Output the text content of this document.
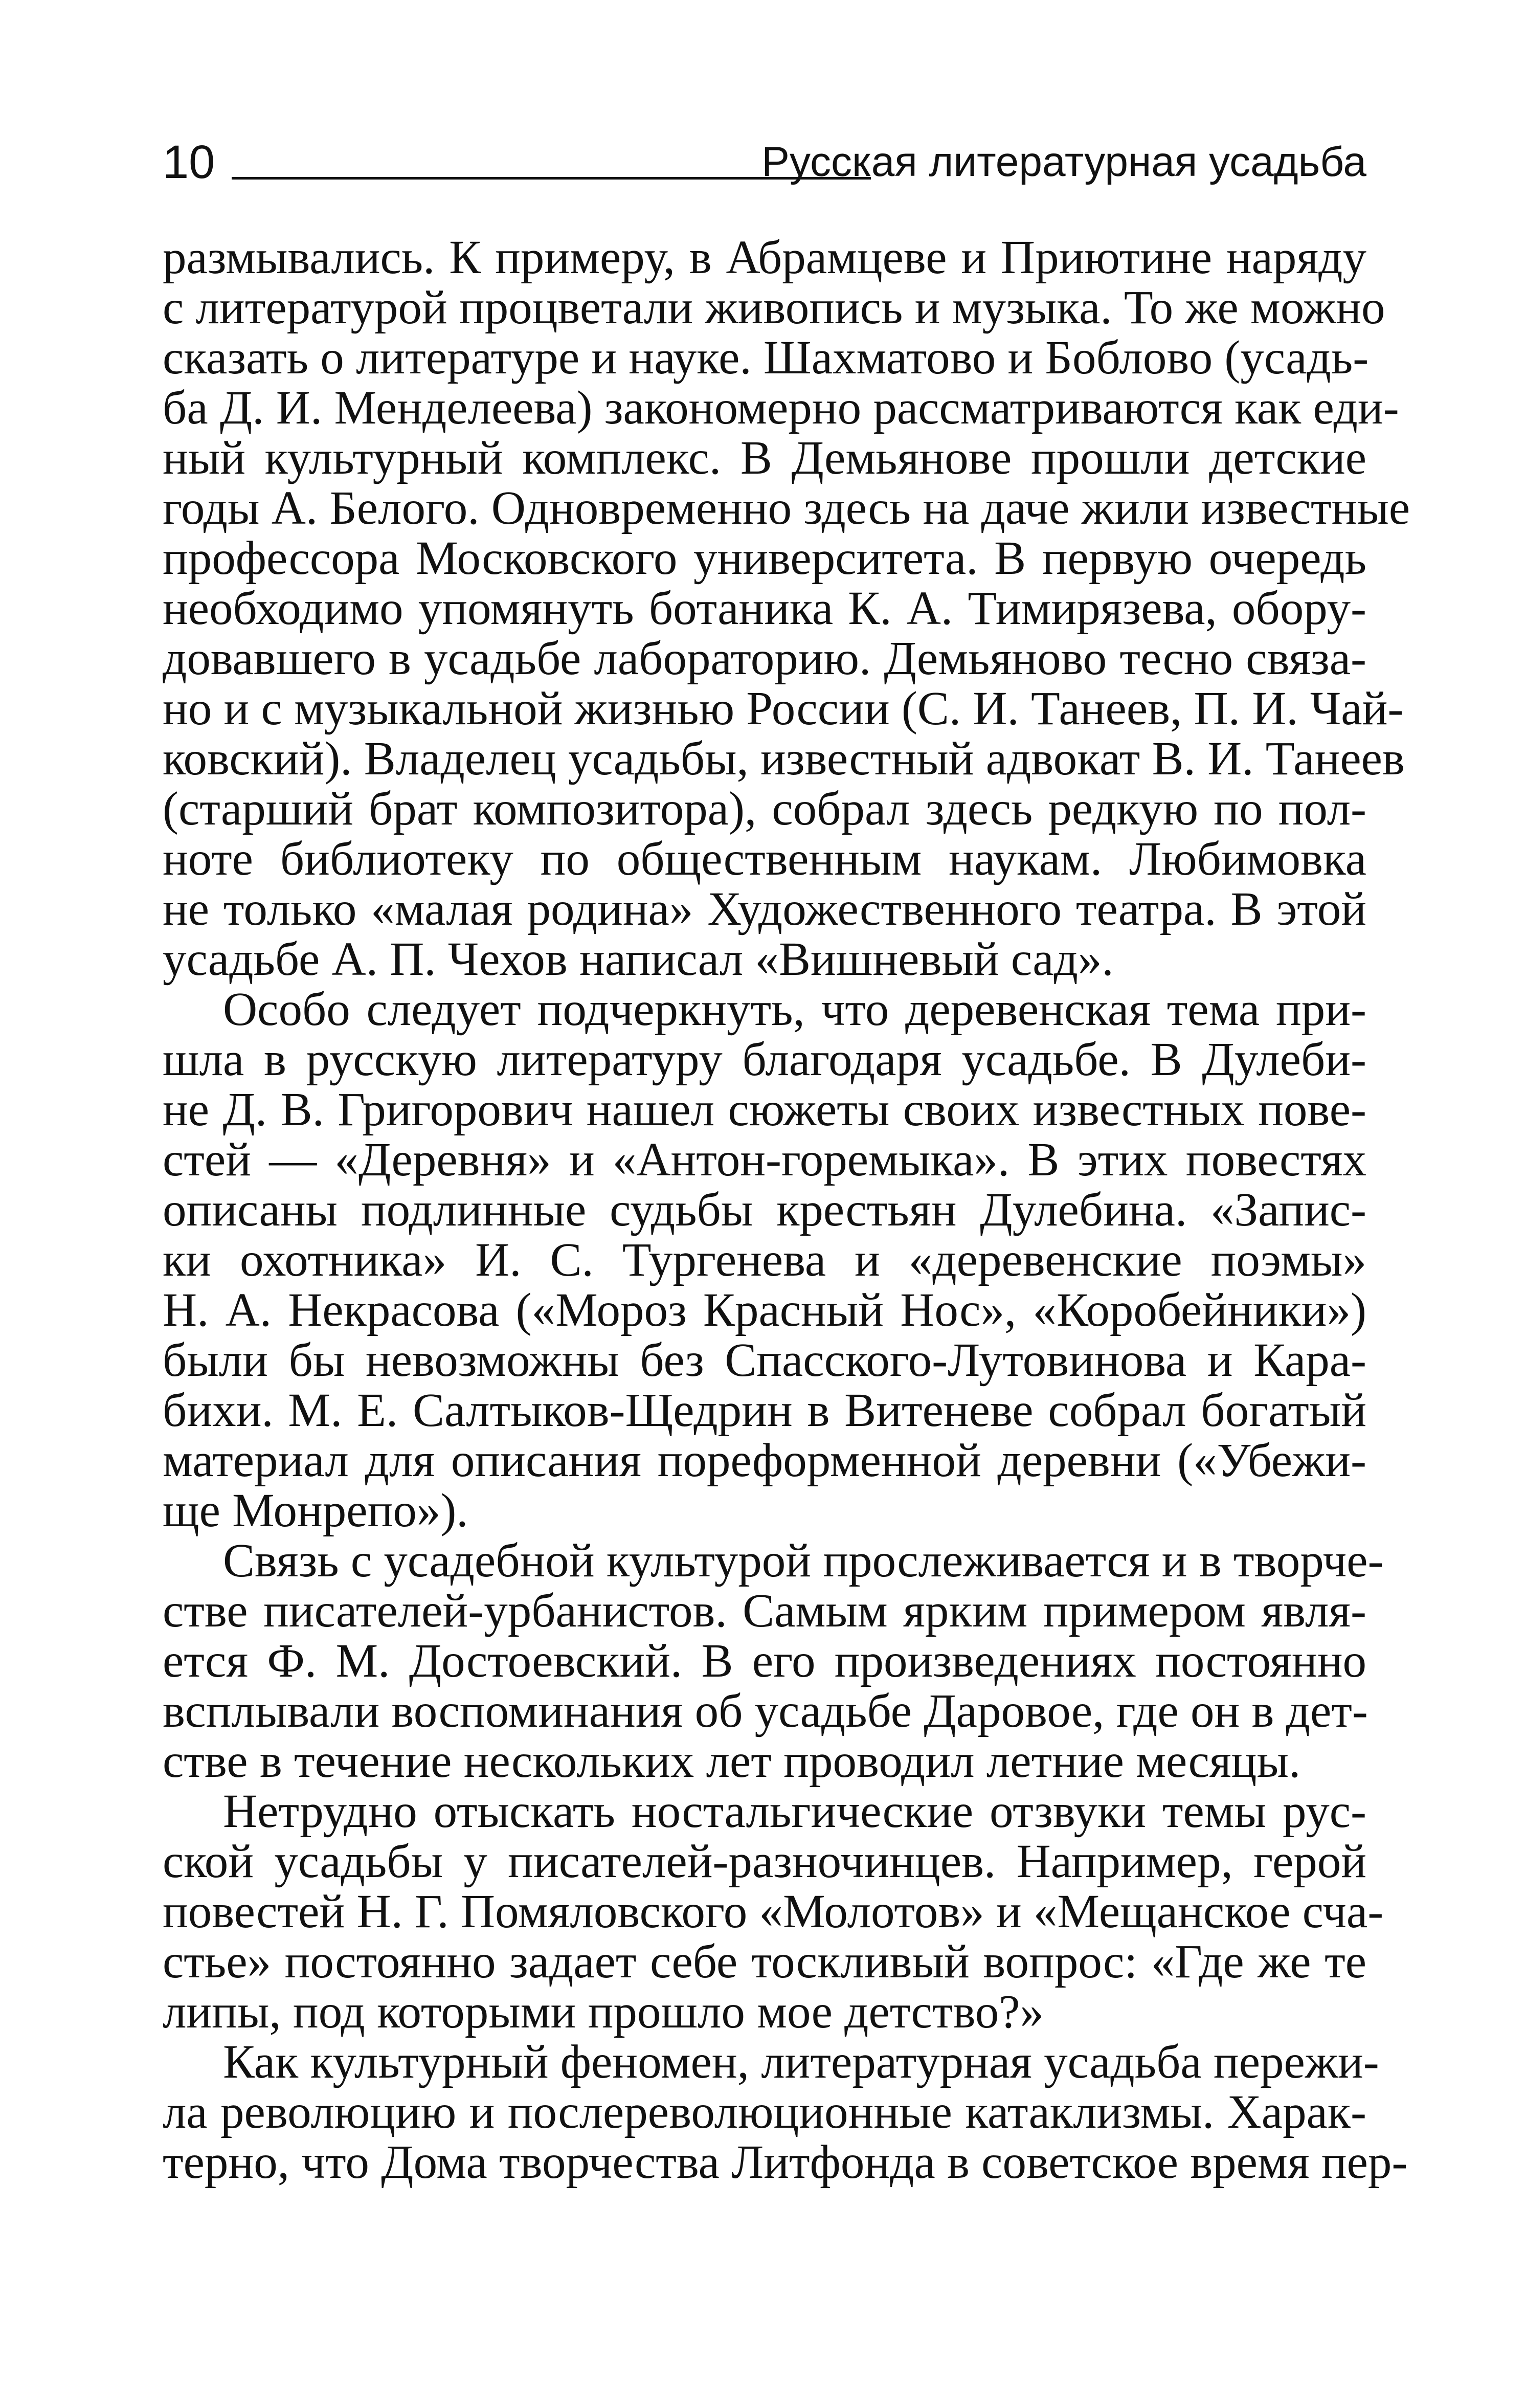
10	Русская литературная усадьба
размывались. К примеру, в Абрамцеве и Приютине наряду
с литературой процветали живопись и музыка. То же можно
сказать о литературе и науке. Шахматово и Боблово (усадь-
ба Д. И. Менделеева) закономерно рассматриваются как еди-
ный культурный комплекс. В Демьянове прошли детские
годы А. Белого. Одновременно здесь на даче жили известные
профессора Московского университета. В первую очередь
необходимо упомянуть ботаника К. А. Тимирязева, обору-
довавшего в усадьбе лабораторию. Демьяново тесно связа-
но и с музыкальной жизнью России (С. И. Танеев, П. И. Чай-
ковский). Владелец усадьбы, известный адвокат В. И. Танеев
(старший брат композитора), собрал здесь редкую по пол-
ноте библиотеку по общественным наукам. Любимовка
не только «малая родина» Художественного театра. В этой
усадьбе А. П. Чехов написал «Вишневый сад».
Особо следует подчеркнуть, что деревенская тема при-
шла в русскую литературу благодаря усадьбе. В Дулеби-
не Д. В. Григорович нашел сюжеты своих известных пове-
стей — «Деревня» и «Антон-горемыка». В этих повестях
описаны подлинные судьбы крестьян Дулебина. «Запис-
ки охотника» И. С. Тургенева и «деревенские поэмы»
Н. А. Некрасова («Мороз Красный Нос», «Коробейники»)
были бы невозможны без Спасского-Лутовинова и Кара-
бихи. М. Е. Салтыков-Щедрин в Витеневе собрал богатый
материал для описания пореформенной деревни («Убежи-
ще Монрепо»).
Связь с усадебной культурой прослеживается и в творче-
стве писателей-урбанистов. Самым ярким примером явля-
ется Ф. М. Достоевский. В его произведениях постоянно
всплывали воспоминания об усадьбе Даровое, где он в дет-
стве в течение нескольких лет проводил летние месяцы.
Нетрудно отыскать ностальгические отзвуки темы рус-
ской усадьбы у писателей-разночинцев. Например, герой
повестей Н. Г. Помяловского «Молотов» и «Мещанское сча-
стье» постоянно задает себе тоскливый вопрос: «Где же те
липы, под которыми прошло мое детство?»
Как культурный феномен, литературная усадьба пережи-
ла революцию и послереволюционные катаклизмы. Харак-
терно, что Дома творчества Литфонда в советское время пер-
